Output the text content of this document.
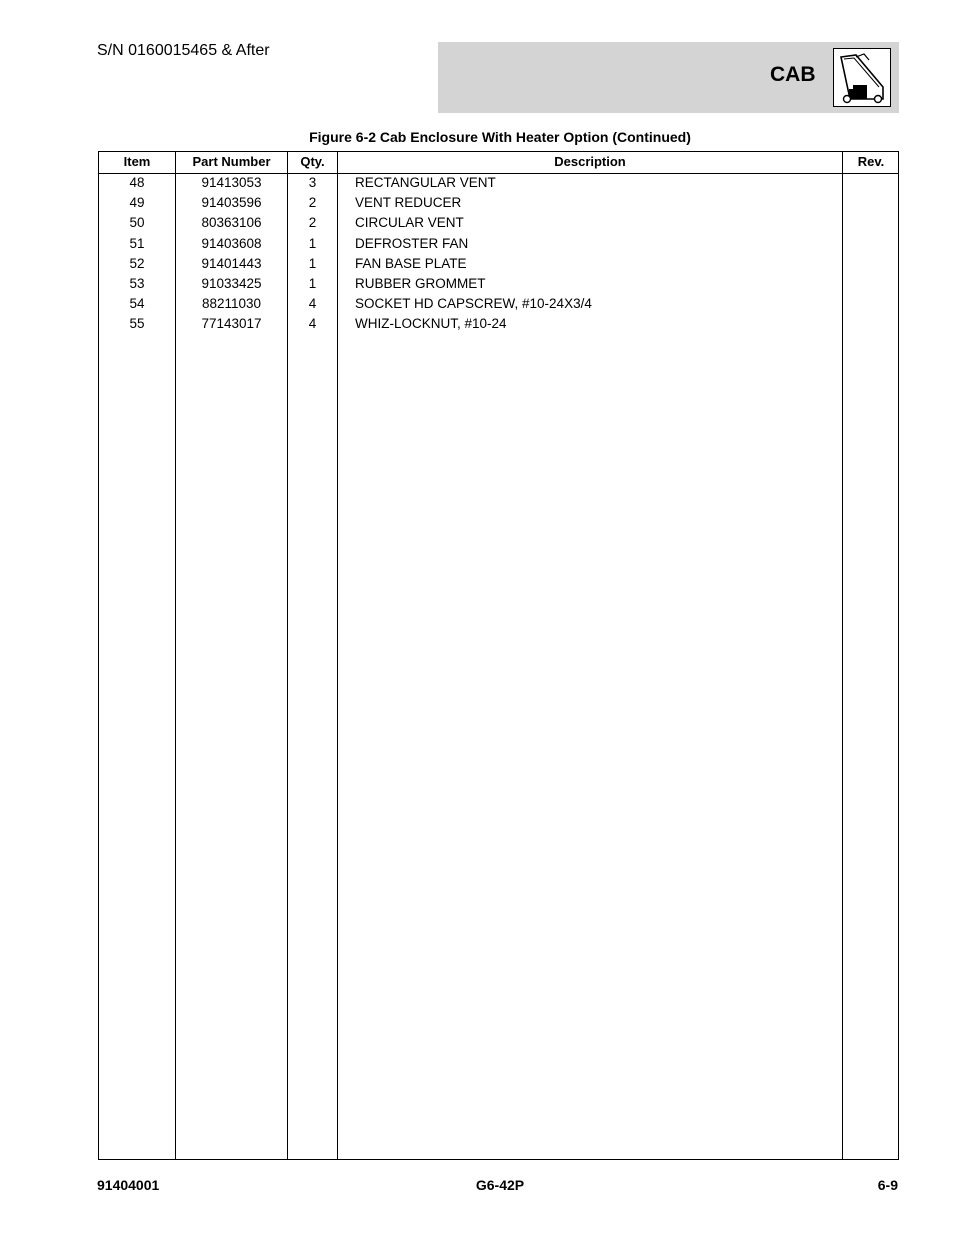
S/N 0160015465 & After
CAB
Figure 6-2 Cab Enclosure With Heater Option (Continued)
Item	Part Number	Qty.	Description	Rev.
48	91413053	3	RECTANGULAR VENT
49	91403596	2	VENT REDUCER
50	80363106	2	CIRCULAR VENT
51	91403608	1	DEFROSTER FAN
52	91401443	1	FAN BASE PLATE
53	91033425	1	RUBBER GROMMET
54	88211030	4	SOCKET HD CAPSCREW, #10-24X3/4
55	77143017	4	WHIZ-LOCKNUT, #10-24
91404001	G6-42P	6-9
